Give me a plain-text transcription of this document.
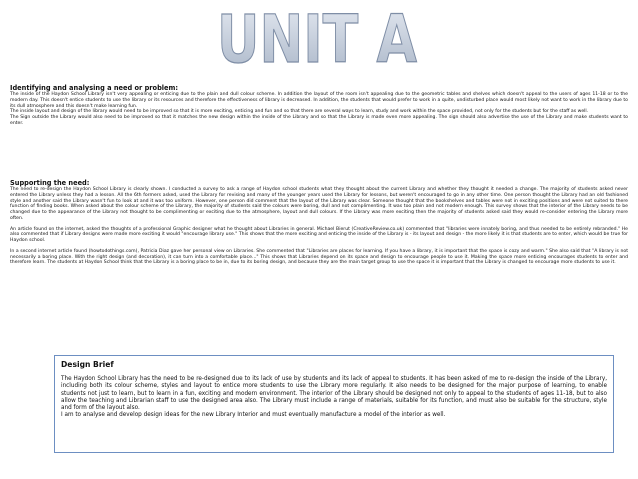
UNIT A

Identifying and analysing a need or problem:

The inside of the Haydon School Library isn't very appealing or enticing due to the plain and dull colour scheme. In addition the layout of the room isn't appealing due to the geometric tables and shelves which doesn't appeal to the users of ages 11-18 or to the modern day. This doesn't entice students to use the library or its resources and therefore the effectiveness of library is decreased. In addition, the students that would prefer to work in a quite, undisturbed place would most likely not want to work in the library due to its dull atmosphere and this doesn't make learning fun.

The inside layout and design of the library would need to be improved so that it is more exciting, enticing and fun and so that there are several ways to learn, study and work within the space provided, not only for the students but for the staff as well.

The Sign outside the Library would also need to be improved so that it matches the new design within the inside of the Library and so that the Library is made even more appealing. The sign should also advertise the use of the Library and make students want to enter.

Supporting the need:

The need to re-design the Haydon School Library is clearly shown. I conducted a survey to ask a range of Haydon school students what they thought about the current Library and whether they thought it needed a change. The majority of students asked never entered the Library unless they had a lesson. All the 6th formers asked, used the Library for revising and many of the younger years used the Library for lessons, but weren't encouraged to go in any other time. One person thought the Library had an old fashioned style and another said the Library wasn't fun to look at and it was too uniform. However, one person did comment that the layout of the Library was clear. Someone thought that the bookshelves and tables were not in exciting positions and were not suited to there function of finding books. When asked about the colour scheme of the Library, the majority of students said the colours were boring, dull and not complimenting. It was too plain and not modern enough. This survey shows that the interior of the Library needs to be changed due to the appearance of the Library not thought to be complimenting or exciting due to the atmosphere, layout and dull colours. If the Library was more exciting then the majority of students asked said they would re-consider entering the Library more often.

An article found on the internet, asked the thoughts of a professional Graphic designer what he thought about Libraries in general. Michael Bierut (CreativeReview.co.uk) commented that "libraries were innately boring, and thus needed to be entirely rebranded." He also commented that if Library designs were made more exciting it would "encourage library use." This shows that the more exciting and enticing the inside of the Library is - its layout and design - the more likely it is that students are to enter, which would be true for Haydon school.

In a second internet article found (howtodothings.com), Patricia Diaz gave her personal view on Libraries. She commented that "Libraries are places for learning. If you have a library, it is important that the space is cozy and warm." She also said that "A library is not necessarily a boring place. With the right design (and decoration), it can turn into a comfortable place..." This shows that Libraries depend on its space and design to encourage people to use it. Making the space more enticing encourages students to enter and therefore learn. The students at Haydon School think that the Library is a boring place to be in, due to its boring design, and because they are the main target group to use the space it is important that the Library is changed to encourage more students to use it.

Design Brief

The Haydon School Library has the need to be re-designed due to its lack of use by students and its lack of appeal to students. It has been asked of me to re-design the inside of the Library, including both its colour scheme, styles and layout to entice more students to use the Library more regularly. It also needs to be designed for the major purpose of learning, to enable students not just to learn, but to learn in a fun, exciting and modern environment. The interior of the Library should be designed not only to appeal to the students of ages 11-18, but to also allow the teaching and Librarian staff to use the designed area also. The Library must include a range of materials, suitable for its function, and must also be suitable for the structure, style and form of the layout also.

I am to analyse and develop design ideas for the new Library Interior and must eventually manufacture a model of the interior as well.
